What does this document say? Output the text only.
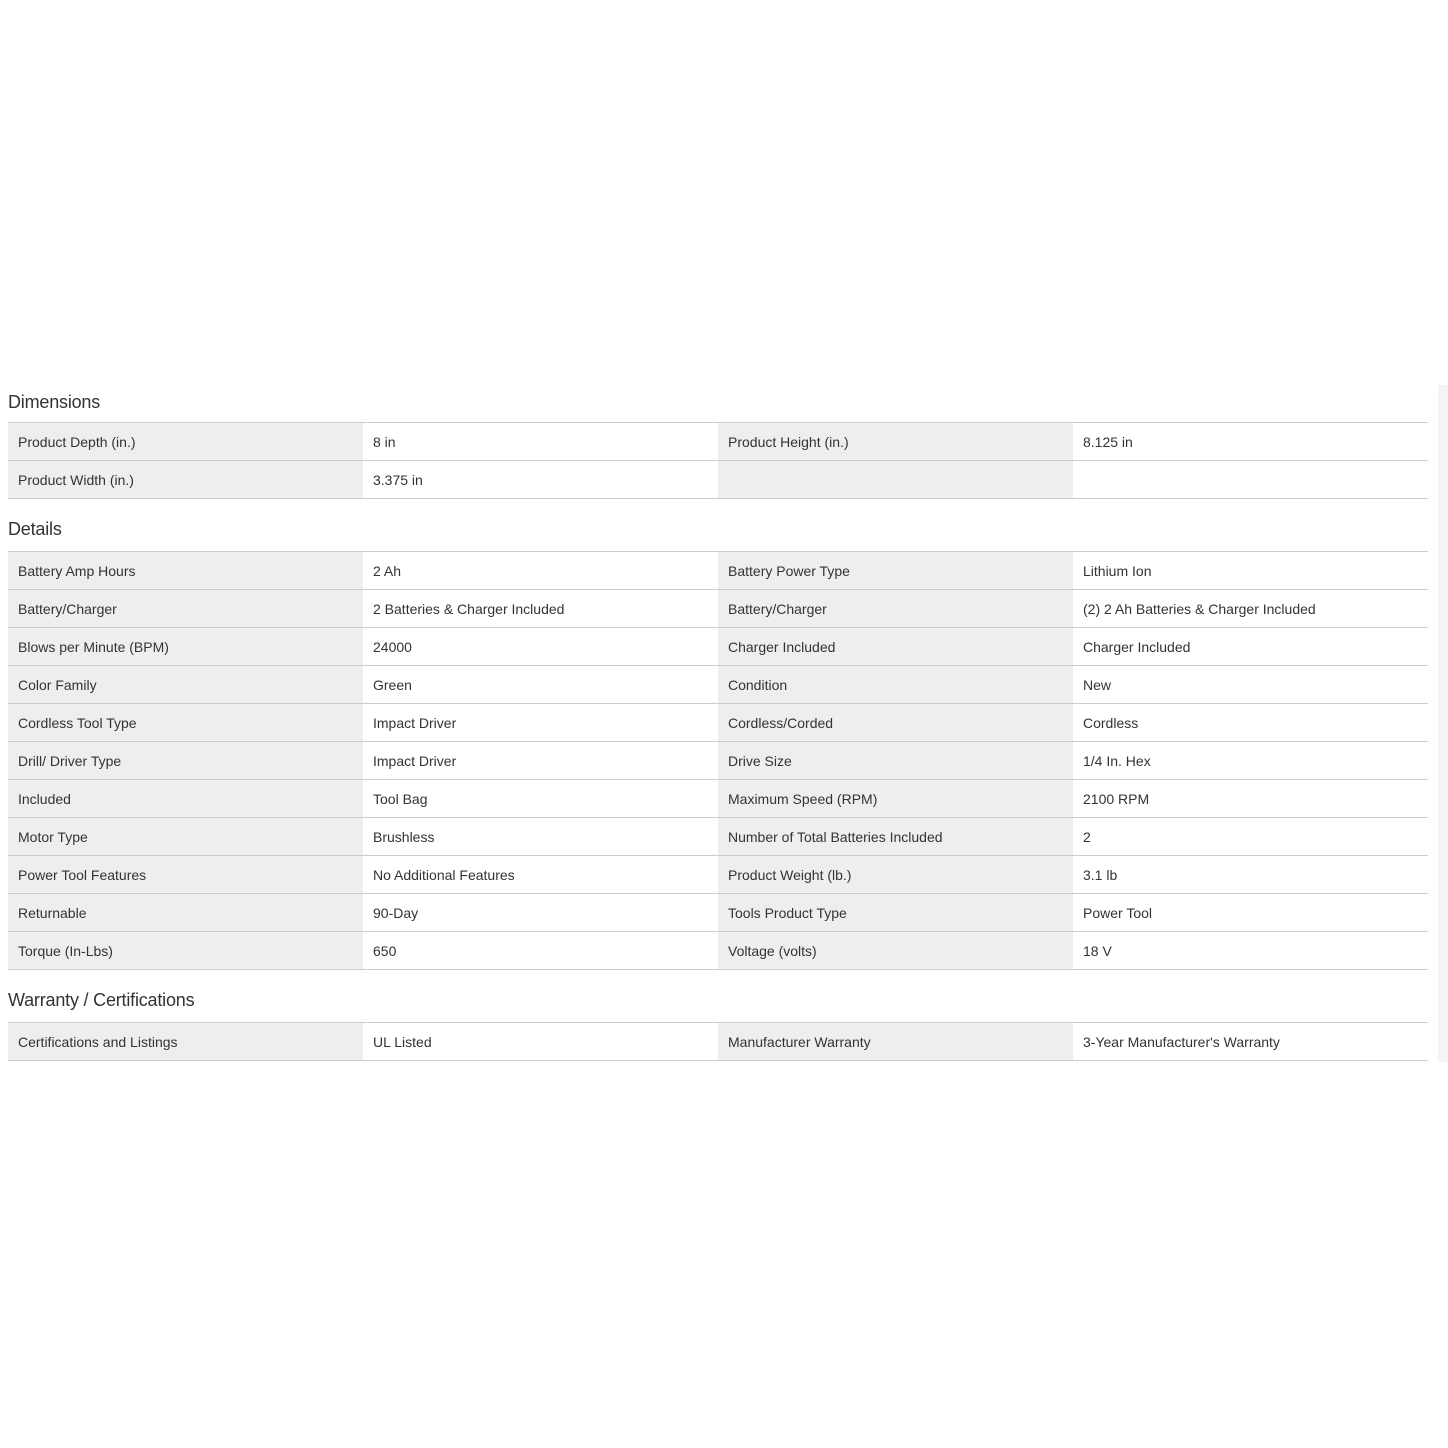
Dimensions
Product Depth (in.)	8 in	Product Height (in.)	8.125 in
Product Width (in.)	3.375 in		
Details
Battery Amp Hours	2 Ah	Battery Power Type	Lithium Ion
Battery/Charger	2 Batteries & Charger Included	Battery/Charger	(2) 2 Ah Batteries & Charger Included
Blows per Minute (BPM)	24000	Charger Included	Charger Included
Color Family	Green	Condition	New
Cordless Tool Type	Impact Driver	Cordless/Corded	Cordless
Drill/ Driver Type	Impact Driver	Drive Size	1/4 In. Hex
Included	Tool Bag	Maximum Speed (RPM)	2100 RPM
Motor Type	Brushless	Number of Total Batteries Included	2
Power Tool Features	No Additional Features	Product Weight (lb.)	3.1 lb
Returnable	90-Day	Tools Product Type	Power Tool
Torque (In-Lbs)	650	Voltage (volts)	18 V
Warranty / Certifications
Certifications and Listings	UL Listed	Manufacturer Warranty	3-Year Manufacturer's Warranty
